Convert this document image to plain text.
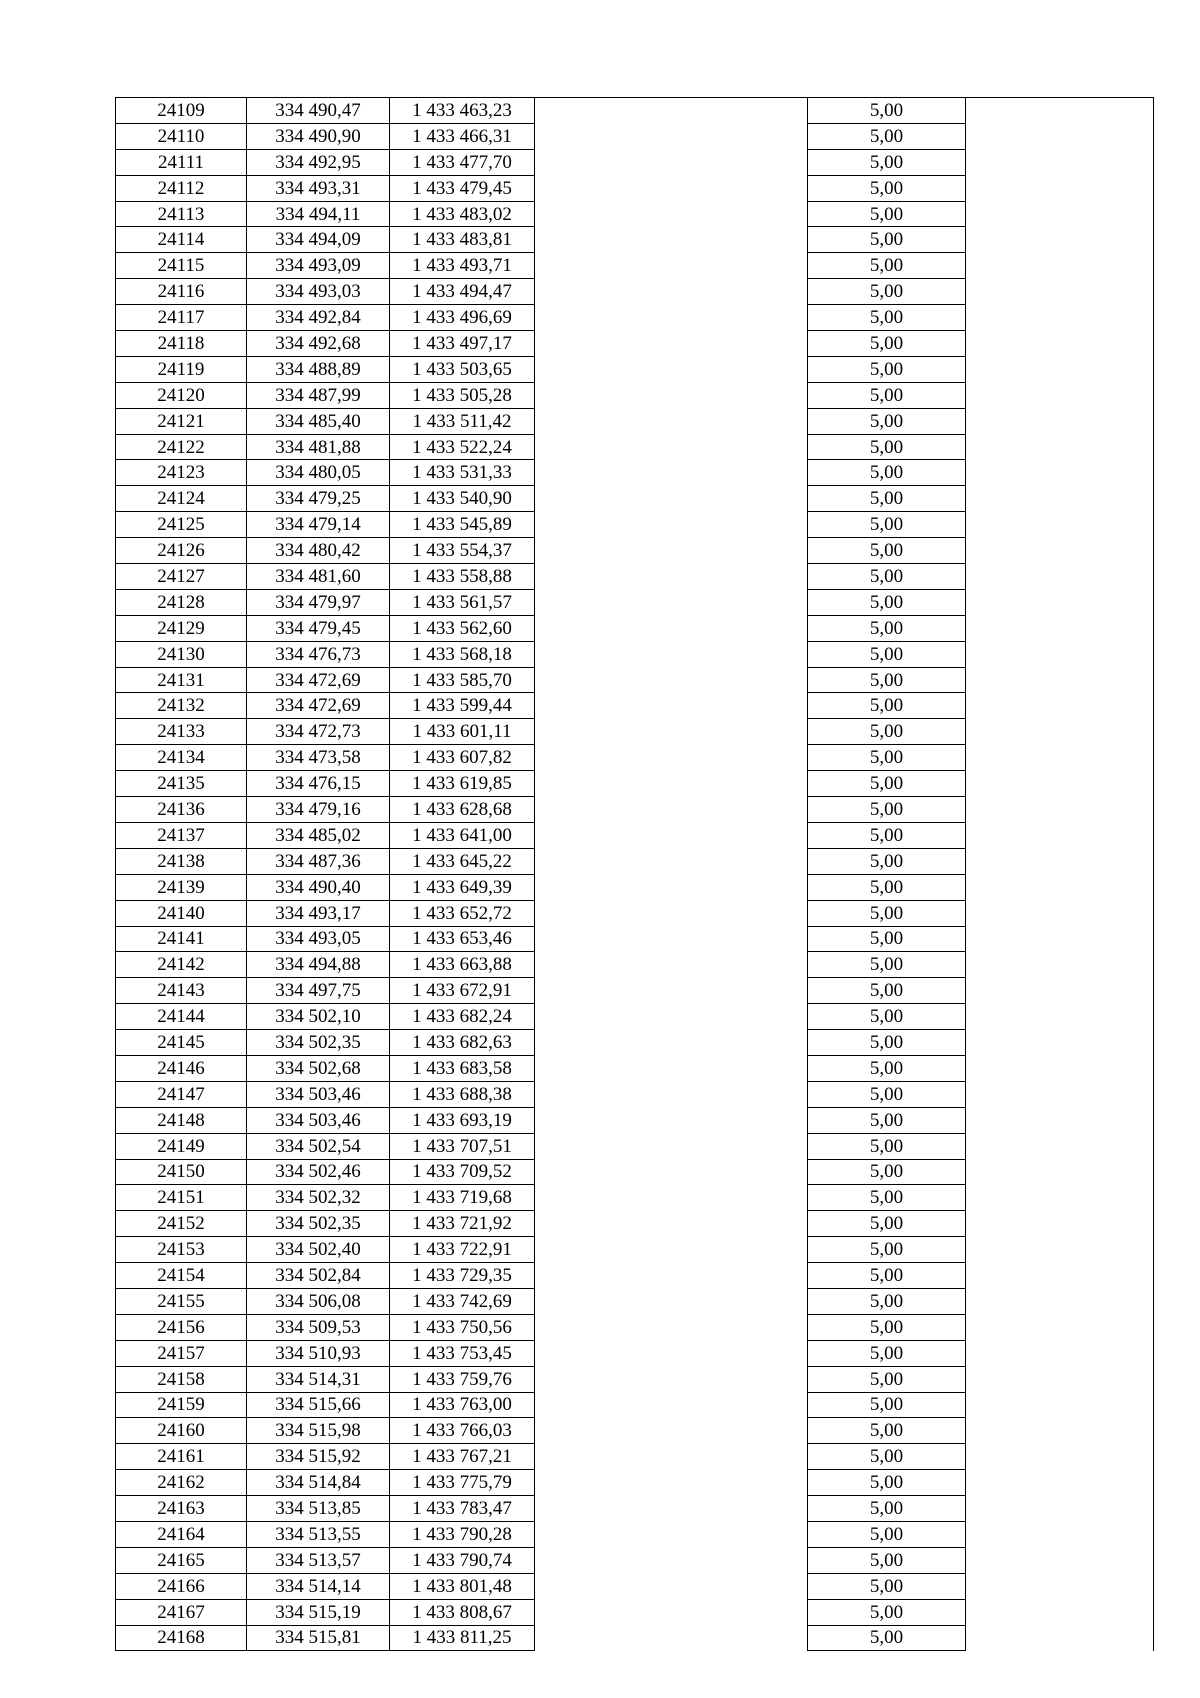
24109	334 490,47	1 433 463,23		5,00	
24110	334 490,90	1 433 466,31		5,00	
24111	334 492,95	1 433 477,70		5,00	
24112	334 493,31	1 433 479,45		5,00	
24113	334 494,11	1 433 483,02		5,00	
24114	334 494,09	1 433 483,81		5,00	
24115	334 493,09	1 433 493,71		5,00	
24116	334 493,03	1 433 494,47		5,00	
24117	334 492,84	1 433 496,69		5,00	
24118	334 492,68	1 433 497,17		5,00	
24119	334 488,89	1 433 503,65		5,00	
24120	334 487,99	1 433 505,28		5,00	
24121	334 485,40	1 433 511,42		5,00	
24122	334 481,88	1 433 522,24		5,00	
24123	334 480,05	1 433 531,33		5,00	
24124	334 479,25	1 433 540,90		5,00	
24125	334 479,14	1 433 545,89		5,00	
24126	334 480,42	1 433 554,37		5,00	
24127	334 481,60	1 433 558,88		5,00	
24128	334 479,97	1 433 561,57		5,00	
24129	334 479,45	1 433 562,60		5,00	
24130	334 476,73	1 433 568,18		5,00	
24131	334 472,69	1 433 585,70		5,00	
24132	334 472,69	1 433 599,44		5,00	
24133	334 472,73	1 433 601,11		5,00	
24134	334 473,58	1 433 607,82		5,00	
24135	334 476,15	1 433 619,85		5,00	
24136	334 479,16	1 433 628,68		5,00	
24137	334 485,02	1 433 641,00		5,00	
24138	334 487,36	1 433 645,22		5,00	
24139	334 490,40	1 433 649,39		5,00	
24140	334 493,17	1 433 652,72		5,00	
24141	334 493,05	1 433 653,46		5,00	
24142	334 494,88	1 433 663,88		5,00	
24143	334 497,75	1 433 672,91		5,00	
24144	334 502,10	1 433 682,24		5,00	
24145	334 502,35	1 433 682,63		5,00	
24146	334 502,68	1 433 683,58		5,00	
24147	334 503,46	1 433 688,38		5,00	
24148	334 503,46	1 433 693,19		5,00	
24149	334 502,54	1 433 707,51		5,00	
24150	334 502,46	1 433 709,52		5,00	
24151	334 502,32	1 433 719,68		5,00	
24152	334 502,35	1 433 721,92		5,00	
24153	334 502,40	1 433 722,91		5,00	
24154	334 502,84	1 433 729,35		5,00	
24155	334 506,08	1 433 742,69		5,00	
24156	334 509,53	1 433 750,56		5,00	
24157	334 510,93	1 433 753,45		5,00	
24158	334 514,31	1 433 759,76		5,00	
24159	334 515,66	1 433 763,00		5,00	
24160	334 515,98	1 433 766,03		5,00	
24161	334 515,92	1 433 767,21		5,00	
24162	334 514,84	1 433 775,79		5,00	
24163	334 513,85	1 433 783,47		5,00	
24164	334 513,55	1 433 790,28		5,00	
24165	334 513,57	1 433 790,74		5,00	
24166	334 514,14	1 433 801,48		5,00	
24167	334 515,19	1 433 808,67		5,00	
24168	334 515,81	1 433 811,25		5,00	
